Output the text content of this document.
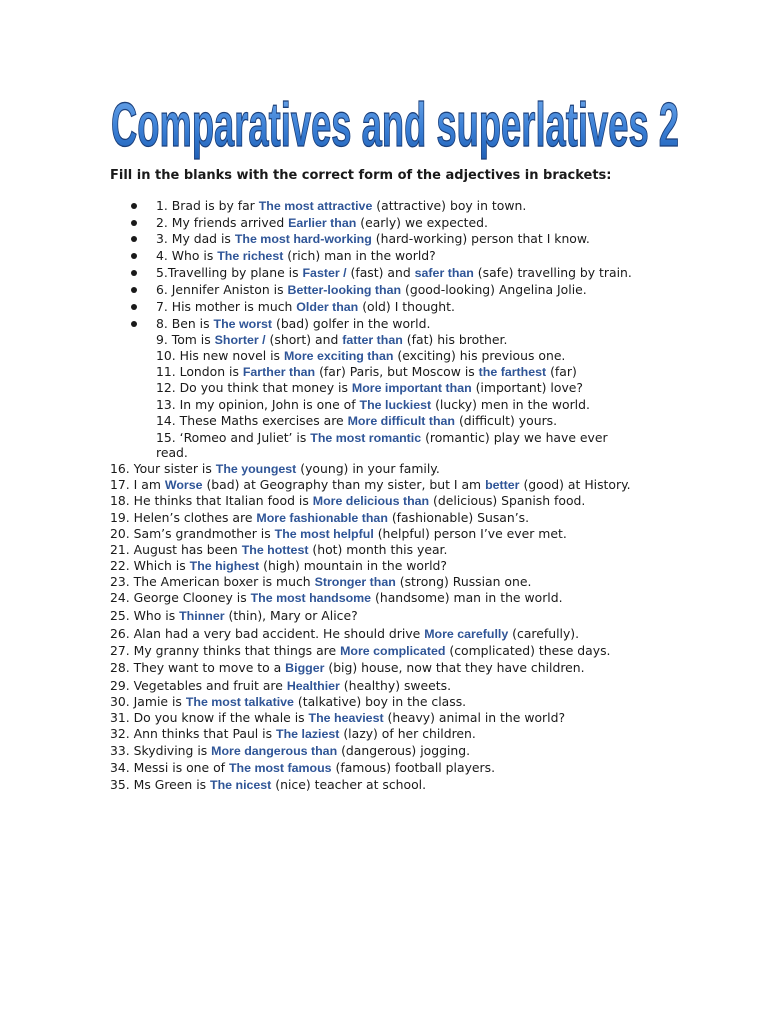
Comparatives and superlatives 2
Fill in the blanks with the correct form of the adjectives in brackets:
1. Brad is by far The most attractive (attractive) boy in town.
2. My friends arrived Earlier than (early) we expected.
3. My dad is The most hard-working (hard-working) person that I know.
4. Who is The richest (rich) man in the world?
5.Travelling by plane is Faster / (fast) and safer than (safe) travelling by train.
6. Jennifer Aniston is Better-looking than (good-looking) Angelina Jolie.
7. His mother is much Older than (old) I thought.
8. Ben is The worst (bad) golfer in the world.
9. Tom is Shorter / (short) and fatter than (fat) his brother.
10. His new novel is More exciting than (exciting) his previous one.
11. London is Farther than (far) Paris, but Moscow is the farthest (far)
12. Do you think that money is More important than (important) love?
13. In my opinion, John is one of The luckiest (lucky) men in the world.
14. These Maths exercises are More difficult than (difficult) yours.
15. ‘Romeo and Juliet’ is The most romantic (romantic) play we have ever
read.
16. Your sister is The youngest (young) in your family.
17. I am Worse (bad) at Geography than my sister, but I am better (good) at History.
18. He thinks that Italian food is More delicious than (delicious) Spanish food.
19. Helen’s clothes are More fashionable than (fashionable) Susan’s.
20. Sam’s grandmother is The most helpful (helpful) person I’ve ever met.
21. August has been The hottest (hot) month this year.
22. Which is The highest (high) mountain in the world?
23. The American boxer is much Stronger than (strong) Russian one.
24. George Clooney is The most handsome (handsome) man in the world.
25. Who is Thinner (thin), Mary or Alice?
26. Alan had a very bad accident. He should drive More carefully (carefully).
27. My granny thinks that things are More complicated (complicated) these days.
28. They want to move to a Bigger (big) house, now that they have children.
29. Vegetables and fruit are Healthier (healthy) sweets.
30. Jamie is The most talkative (talkative) boy in the class.
31. Do you know if the whale is The heaviest (heavy) animal in the world?
32. Ann thinks that Paul is The laziest (lazy) of her children.
33. Skydiving is More dangerous than (dangerous) jogging.
34. Messi is one of The most famous (famous) football players.
35. Ms Green is The nicest (nice) teacher at school.
